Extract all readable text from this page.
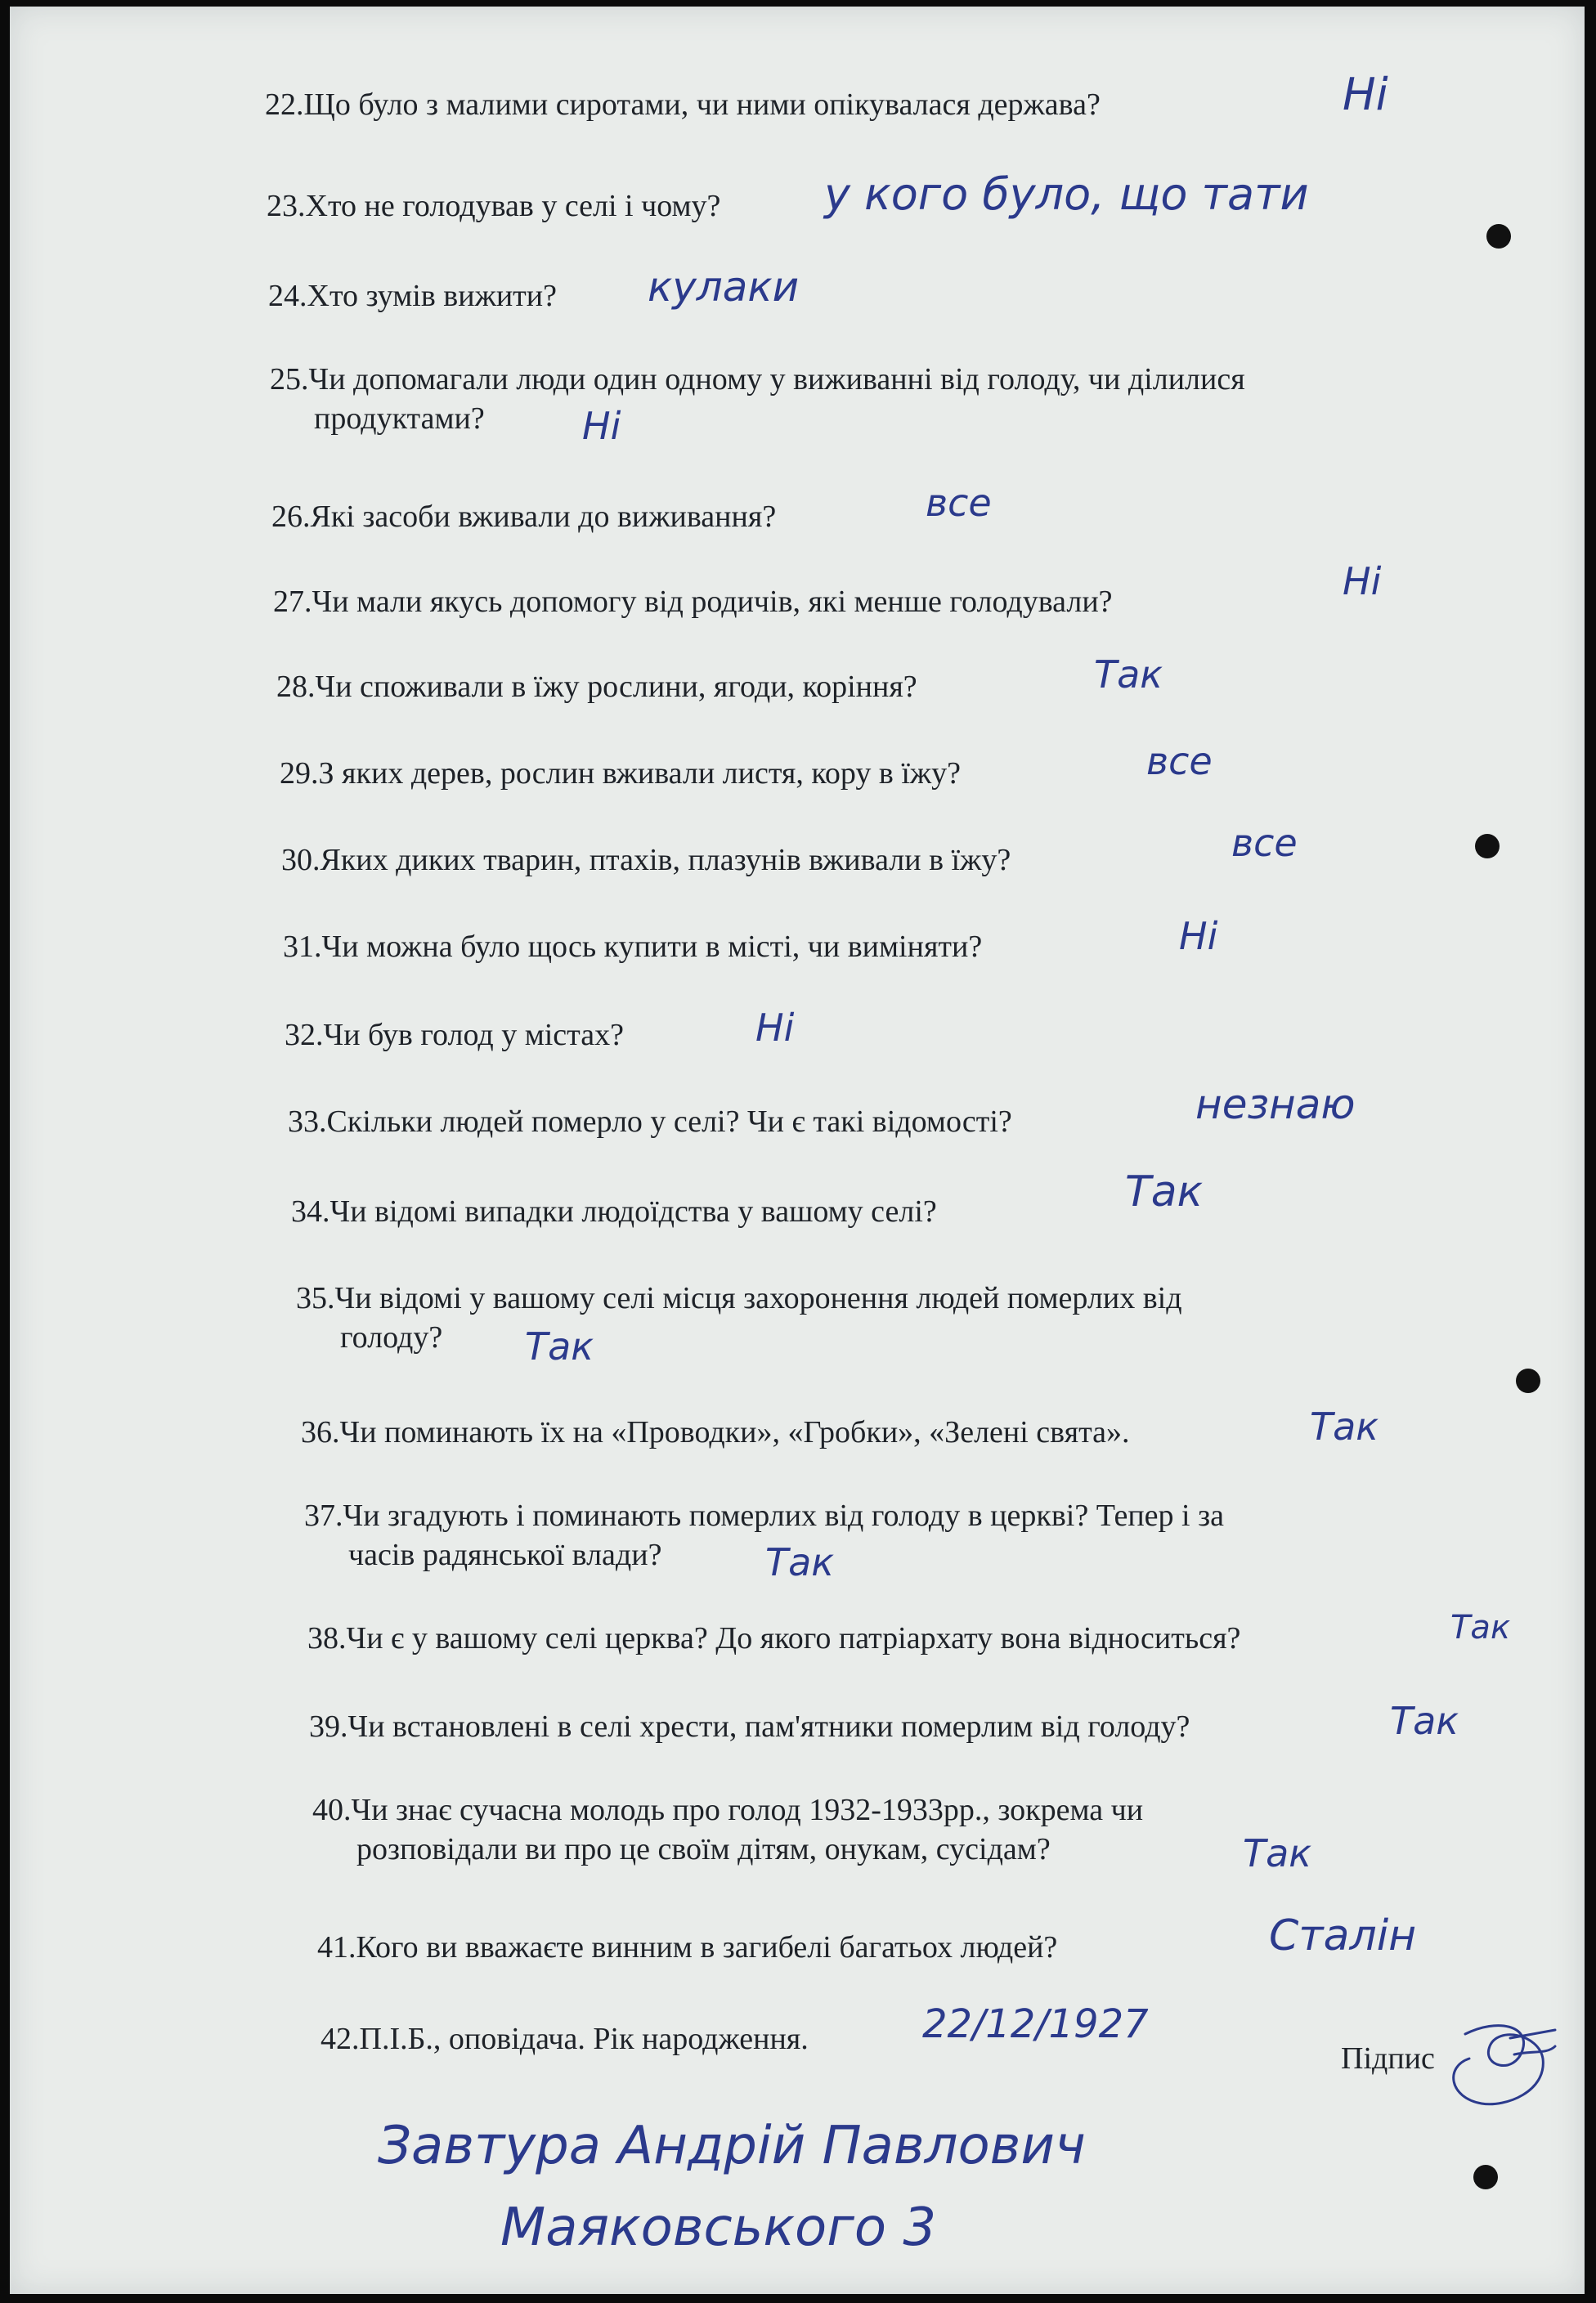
22.Що було з малими сиротами, чи ними опікувалася держава?	Ні
23.Хто не голодував у селі і чому? у кого було, що тати
24.Хто зумів вижити? кулаки
25.Чи допомагали люди один одному у виживанні від голоду, чи ділилися
продуктами?	Ні
26.Які засоби вживали до виживання?	все
27.Чи мали якусь допомогу від родичів, які менше голодували?	Ні
28.Чи споживали в їжу рослини, ягоди, коріння?	Так
29.З яких дерев, рослин вживали листя, кору в їжу?	все
30.Яких диких тварин, птахів, плазунів вживали в їжу?	все
31.Чи можна було щось купити в місті, чи виміняти?	Ні
32.Чи був голод у містах?	Ні
33.Скільки людей померло у селі? Чи є такі відомості?	незнаю
34.Чи відомі випадки людоїдства у вашому селі?	Так
35.Чи відомі у вашому селі місця захоронення людей померлих від
голоду?	Так
36.Чи поминають їх на «Проводки», «Гробки», «Зелені свята».	Так
37.Чи згадують і поминають померлих від голоду в церкві? Тепер і за
часів радянської влади?	Так
38.Чи є у вашому селі церква? До якого патріархату вона відноситься?	Так
39.Чи встановлені в селі хрести, пам'ятники померлим від голоду?	Так
40.Чи знає сучасна молодь про голод 1932-1933рр., зокрема чи
розповідали ви про це своїм дітям, онукам, сусідам?	Так
41.Кого ви вважаєте винним в загибелі багатьох людей?	Сталін
42.П.І.Б., оповідача. Рік народження.	22/12/1927
Підпис
Завтура Андрій Павлович
Маяковського 3
